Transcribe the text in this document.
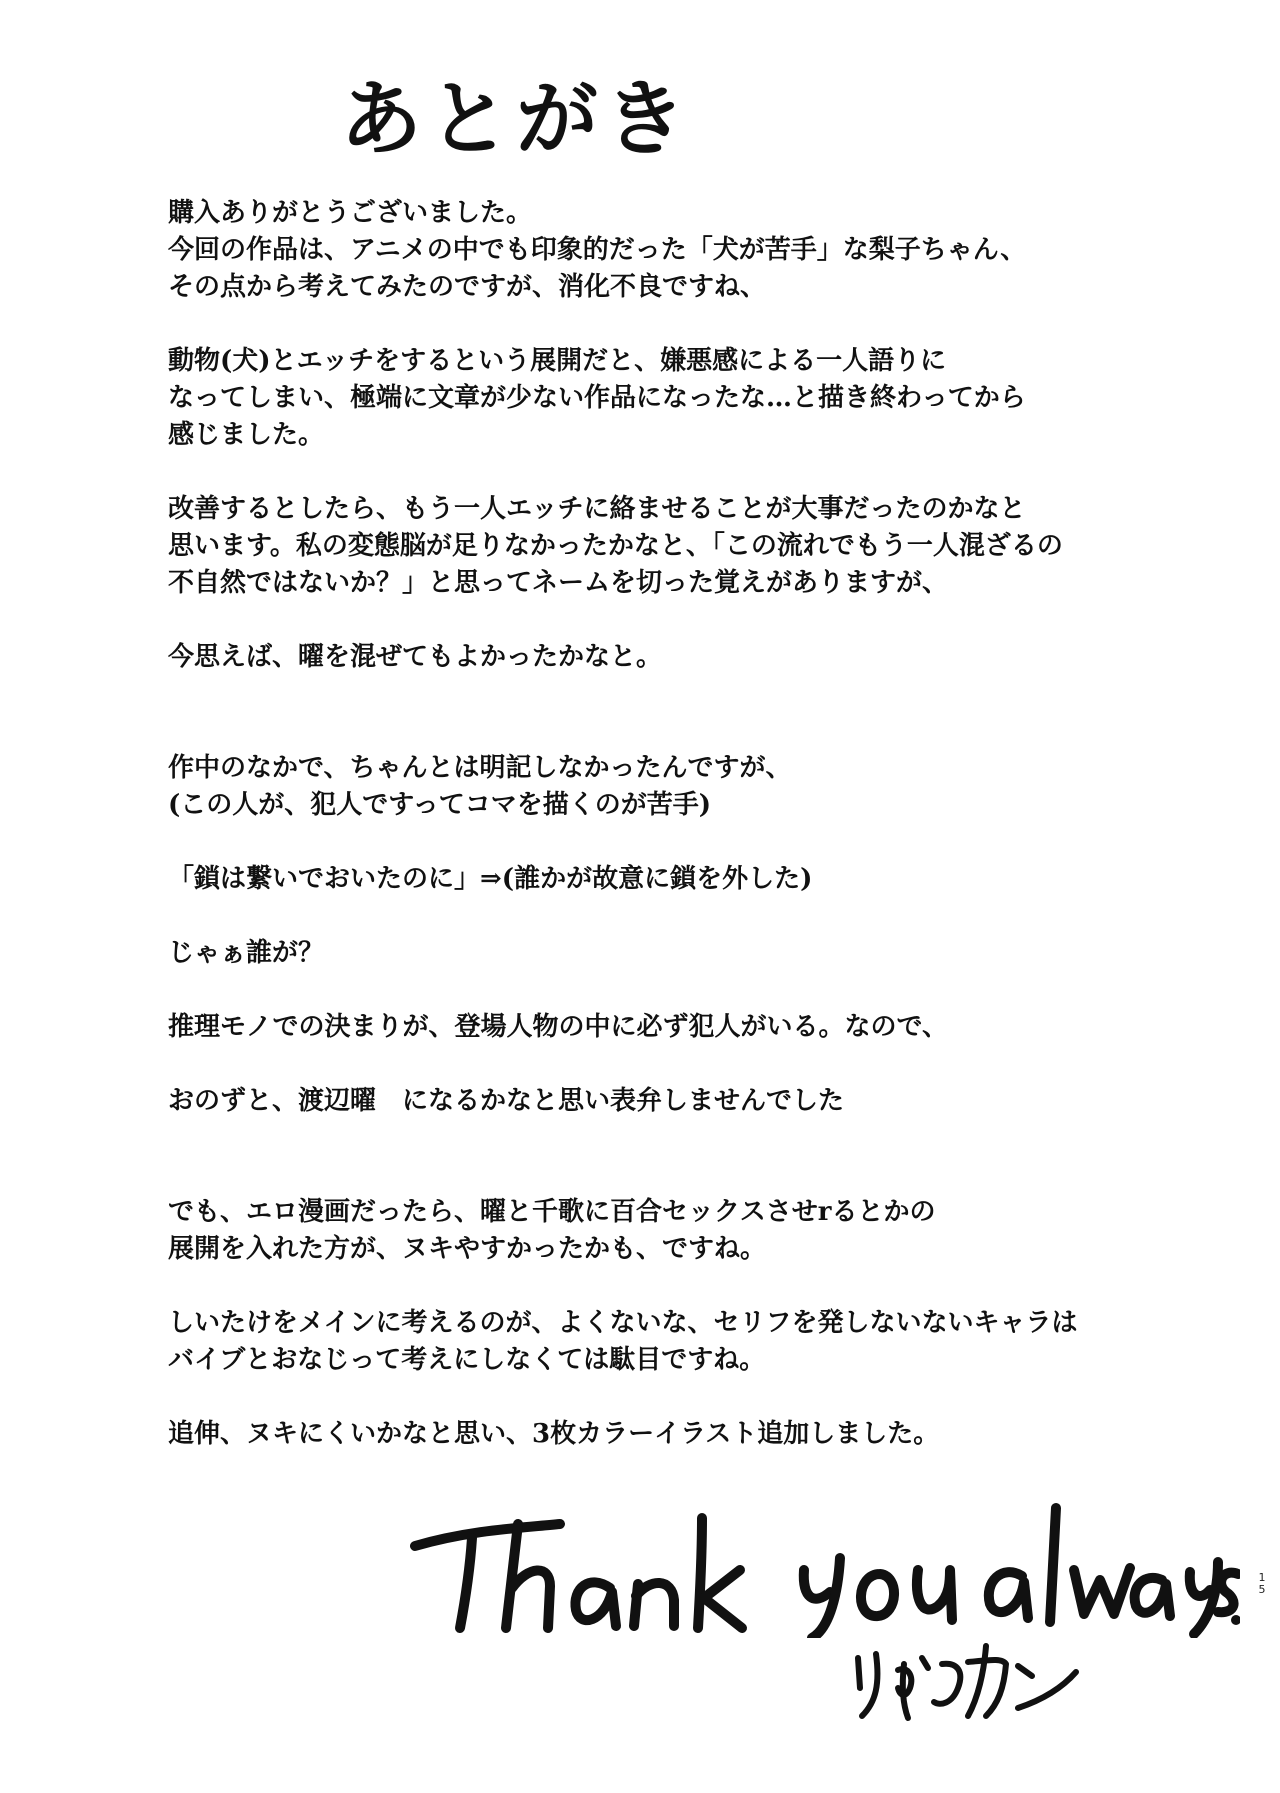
あとがき

購入ありがとうございました。
今回の作品は、アニメの中でも印象的だった「犬が苦手」な梨子ちゃん、
その点から考えてみたのですが、消化不良ですね、

動物(犬)とエッチをするという展開だと、嫌悪感による一人語りに
なってしまい、極端に文章が少ない作品になったな…と描き終わってから
感じました。

改善するとしたら、もう一人エッチに絡ませることが大事だったのかなと
思います。私の変態脳が足りなかったかなと、「この流れでもう一人混ざるの
不自然ではないか？」と思ってネームを切った覚えがありますが、

今思えば、曜を混ぜてもよかったかなと。

作中のなかで、ちゃんとは明記しなかったんですが、
(この人が、犯人ですってコマを描くのが苦手)

「鎖は繋いでおいたのに」⇒(誰かが故意に鎖を外した)

じゃぁ誰が？

推理モノでの決まりが、登場人物の中に必ず犯人がいる。なので、

おのずと、渡辺曜　になるかなと思い表弁しませんでした

でも、エロ漫画だったら、曜と千歌に百合セックスさせrるとかの
展開を入れた方が、ヌキやすかったかも、ですね。

しいたけをメインに考えるのが、よくないな、セリフを発しないないキャラは
バイブとおなじって考えにしなくては駄目ですね。

追伸、ヌキにくいかなと思い、3枚カラーイラスト追加しました。

1
5
